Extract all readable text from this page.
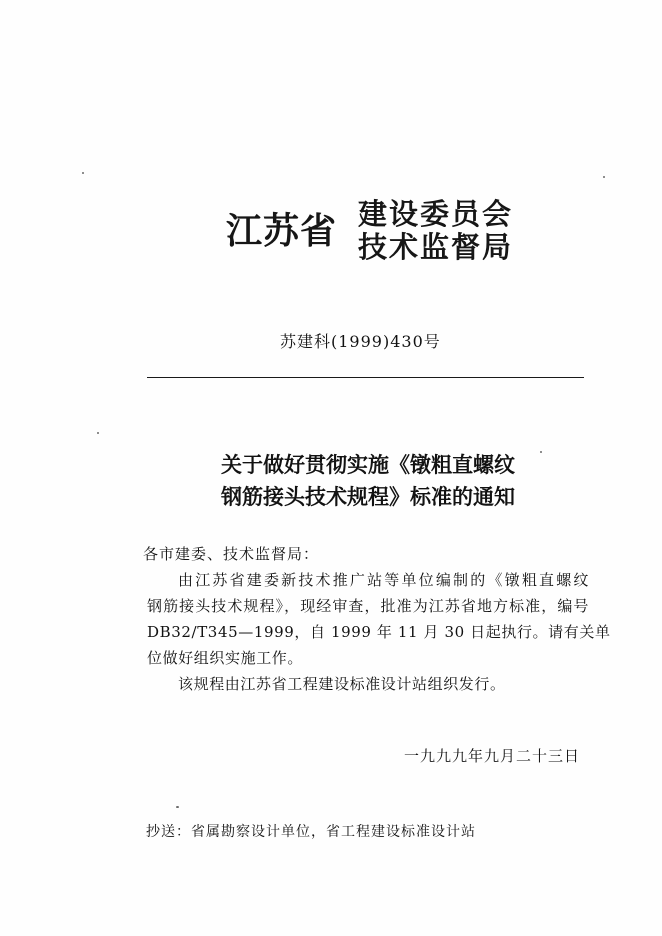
江苏省 建设委员会
技术监督局
苏建科(1999)430号
关于做好贯彻实施《镦粗直螺纹
钢筋接头技术规程》标准的通知
各市建委、技术监督局：
由江苏省建委新技术推广站等单位编制的《镦粗直螺纹
钢筋接头技术规程》，现经审查，批准为江苏省地方标准，编号
DB32/T345—1999，自 1999 年 11 月 30 日起执行。请有关单
位做好组织实施工作。
该规程由江苏省工程建设标准设计站组织发行。
一九九九年九月二十三日
抄送：省属勘察设计单位，省工程建设标准设计站
